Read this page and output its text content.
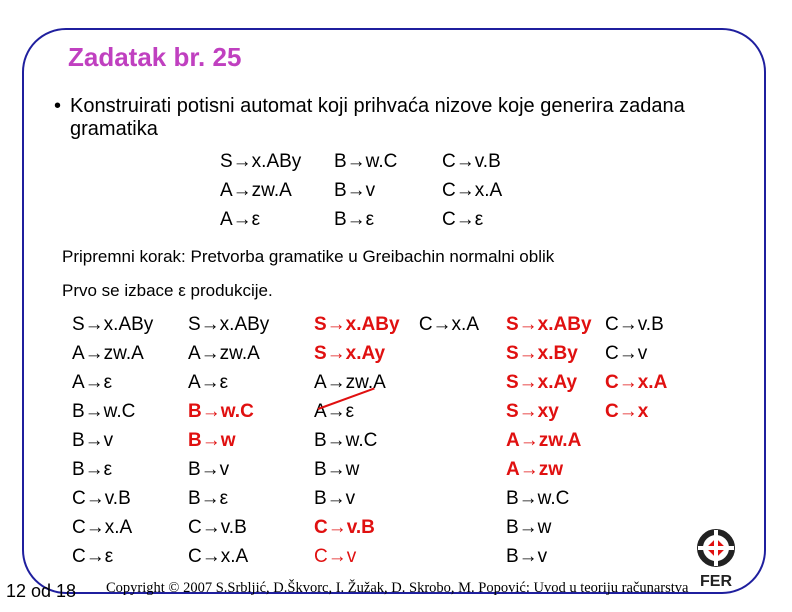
Zadatak br. 25
• Konstruirati potisni automat koji prihvaća nizove koje generira zadana gramatika
S→x.ABy
A→zw.A
A→ε
B→w.C
B→v
B→ε
C→v.B
C→x.A
C→ε
Pripremni korak: Pretvorba gramatike u Greibachin normalni oblik
Prvo se izbace ε produkcije.
S→x.ABy
A→zw.A
A→ε
B→w.C
B→v
B→ε
C→v.B
C→x.A
C→ε
S→x.ABy
A→zw.A
A→ε
B→w.C
B→w
B→v
B→ε
C→v.B
C→x.A
S→x.ABy C→x.A
S→x.Ay
A→zw.A
A→ε
B→w.C
B→w
B→v
C→v.B
C→v
S→x.ABy
S→x.By
S→x.Ay
S→xy
A→zw.A
A→zw
B→w.C
B→w
B→v
C→v.B
C→v
C→x.A
C→x
12 od 18 Copyright © 2007 S.Srbljić, D.Škvorc, I. Žužak, D. Skrobo, M. Popović: Uvod u teoriju računarstva FER
